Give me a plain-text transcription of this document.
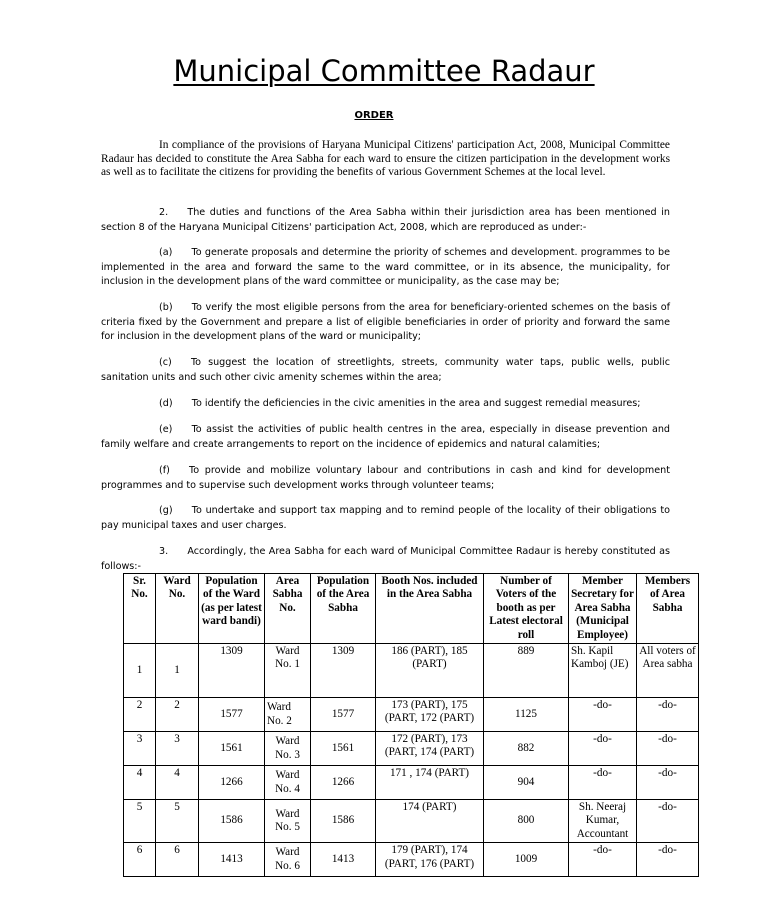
Municipal Committee Radaur
ORDER

In compliance of the provisions of Haryana Municipal Citizens' participation Act, 2008, Municipal Committee Radaur has decided to constitute the Area Sabha for each ward to ensure the citizen participation in the development works as well as to facilitate the citizens for providing the benefits of various Government Schemes at the local level.

2.  The duties and functions of the Area Sabha within their jurisdiction area has been mentioned in section 8 of the Haryana Municipal Citizens' participation Act, 2008, which are reproduced as under:-

(a)  To generate proposals and determine the priority of schemes and development. programmes to be implemented in the area and forward the same to the ward committee, or in its absence, the municipality, for inclusion in the development plans of the ward committee or municipality, as the case may be;

(b)  To verify the most eligible persons from the area for beneficiary-oriented schemes on the basis of criteria fixed by the Government and prepare a list of eligible beneficiaries in order of priority and forward the same for inclusion in the development plans of the ward or municipality;

(c)  To suggest the location of streetlights, streets, community water taps, public wells, public sanitation units and such other civic amenity schemes within the area;

(d)  To identify the deficiencies in the civic amenities in the area and suggest remedial measures;

(e)  To assist the activities of public health centres in the area, especially in disease prevention and family welfare and create arrangements to report on the incidence of epidemics and natural calamities;

(f)  To provide and mobilize voluntary labour and contributions in cash and kind for development programmes and to supervise such development works through volunteer teams;

(g)  To undertake and support tax mapping and to remind people of the locality of their obligations to pay municipal taxes and user charges.

3.  Accordingly, the Area Sabha for each ward of Municipal Committee Radaur is hereby constituted as follows:-

Sr. No.	Ward No.	Population of the Ward (as per latest ward bandi)	Area Sabha No.	Population of the Area Sabha	Booth Nos. included in the Area Sabha	Number of Voters of the booth as per Latest electoral roll	Member Secretary for Area Sabha (Municipal Employee)	Members of Area Sabha
1	1	1309	Ward No. 1	1309	186 (PART), 185 (PART)	889	Sh. Kapil Kamboj (JE)	All voters of Area sabha
2	2	1577	Ward No. 2	1577	173 (PART), 175 (PART, 172 (PART)	1125	-do-	-do-
3	3	1561	Ward No. 3	1561	172 (PART), 173 (PART, 174 (PART)	882	-do-	-do-
4	4	1266	Ward No. 4	1266	171 , 174 (PART)	904	-do-	-do-
5	5	1586	Ward No. 5	1586	174 (PART)	800	Sh. Neeraj Kumar, Accountant	-do-
6	6	1413	Ward No. 6	1413	179 (PART), 174 (PART, 176 (PART)	1009	-do-	-do-
